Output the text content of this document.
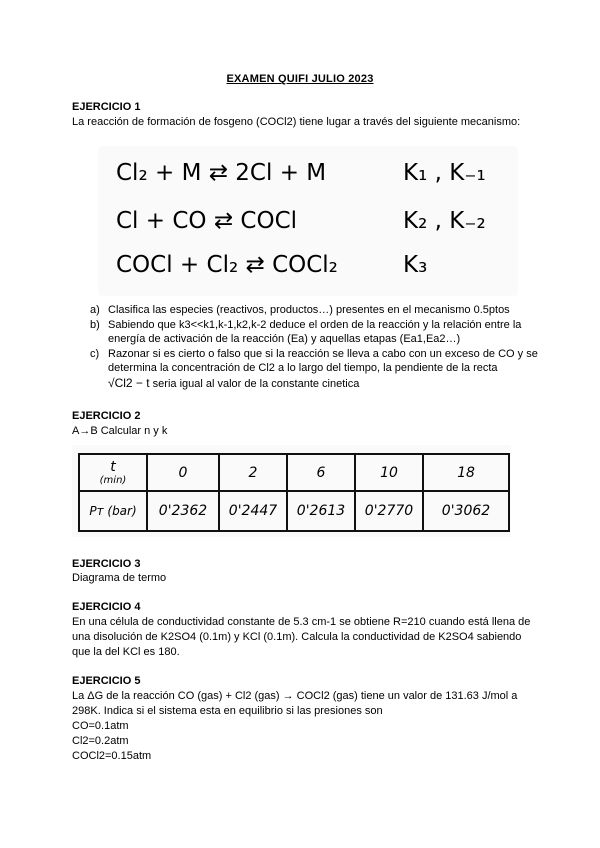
EXAMEN QUIFI JULIO 2023
EJERCICIO 1
La reacción de formación de fosgeno (COCl2) tiene lugar a través del siguiente mecanismo:
Cl₂ + M ⇄ 2Cl + M	K₁ , K₋₁
Cl + CO ⇄ COCl	K₂ , K₋₂
COCl + Cl₂ ⇄ COCl₂	K₃
a) Clasifica las especies (reactivos, productos…) presentes en el mecanismo 0.5ptos
b) Sabiendo que k3<<k1,k-1,k2,k-2 deduce el orden de la reacción y la relación entre la energía de activación de la reacción (Ea) y aquellas etapas (Ea1,Ea2…)
c) Razonar si es cierto o falso que si la reacción se lleva a cabo con un exceso de CO y se determina la concentración de Cl2 a lo largo del tiempo, la pendiente de la recta √Cl2 − t seria igual al valor de la constante cinetica
EJERCICIO 2
A→B Calcular n y k
t
(min)	0	2	6	10	18
Pᴛ (bar)	0'2362	0'2447	0'2613	0'2770	0'3062
EJERCICIO 3
Diagrama de termo
EJERCICIO 4
En una célula de conductividad constante de 5.3 cm-1 se obtiene R=210 cuando está llena de una disolución de K2SO4 (0.1m) y KCl (0.1m). Calcula la conductividad de K2SO4 sabiendo que la del KCl es 180.
EJERCICIO 5
La ΔG de la reacción CO (gas) + Cl2 (gas) → COCl2 (gas) tiene un valor de 131.63 J/mol a 298K. Indica si el sistema esta en equilibrio si las presiones son
CO=0.1atm
Cl2=0.2atm
COCl2=0.15atm
